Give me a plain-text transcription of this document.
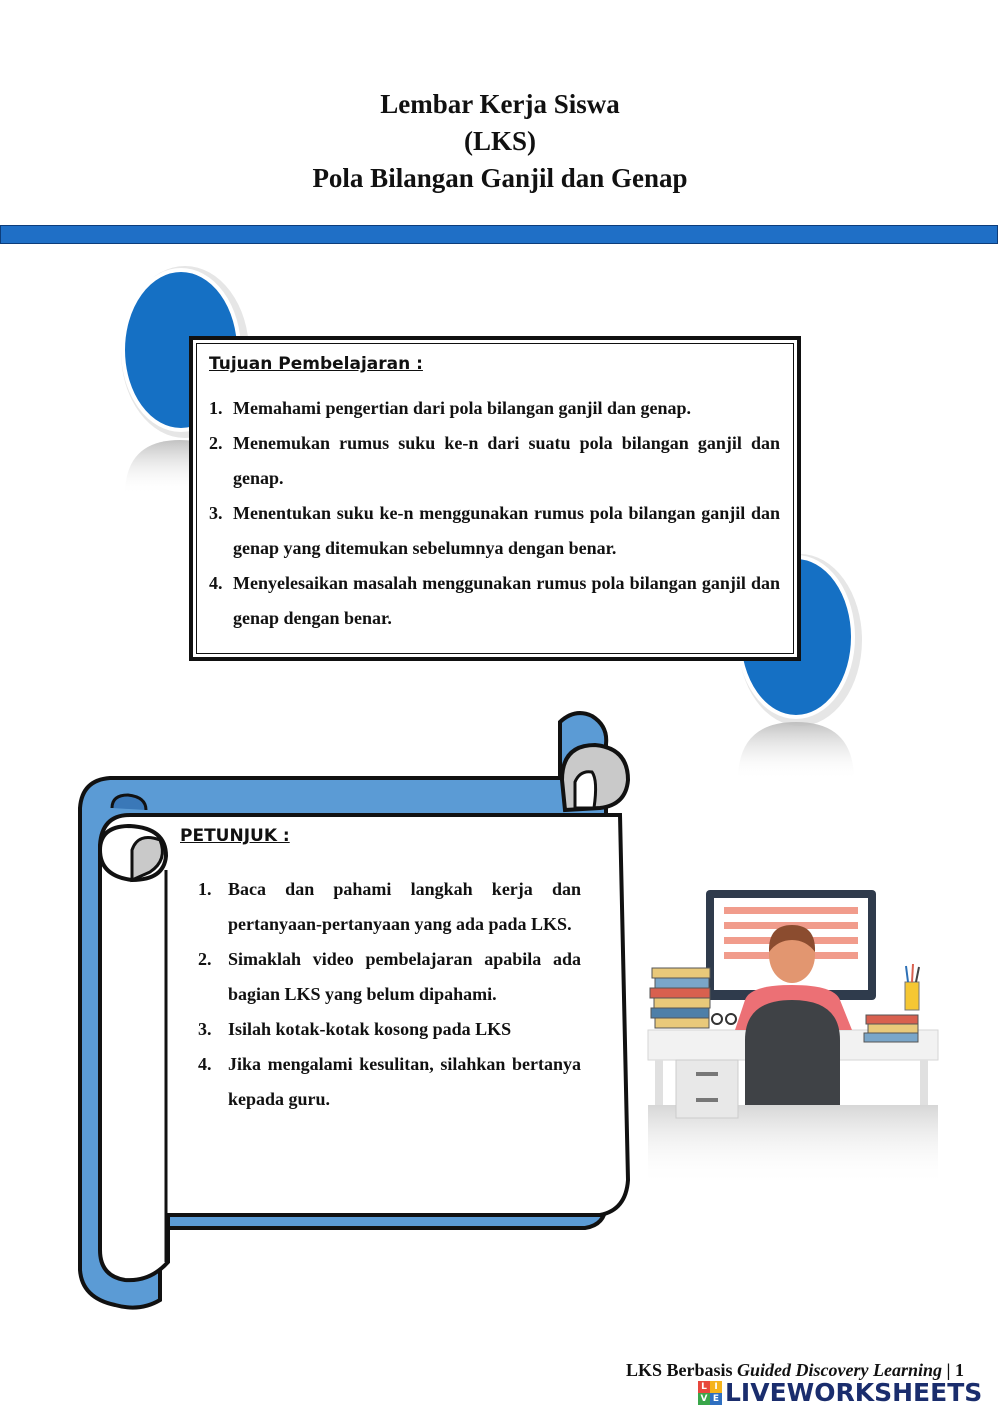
Lembar Kerja Siswa
(LKS)
Pola Bilangan Ganjil dan Genap
Tujuan Pembelajaran :
1. Memahami pengertian dari pola bilangan ganjil dan genap.
2. Menemukan rumus suku ke-n dari suatu pola bilangan ganjil dan genap.
3. Menentukan suku ke-n menggunakan rumus pola bilangan ganjil dan genap yang ditemukan sebelumnya dengan benar.
4. Menyelesaikan masalah menggunakan rumus pola bilangan ganjil dan genap dengan benar.
PETUNJUK :
1. Baca dan pahami langkah kerja dan pertanyaan-pertanyaan yang ada pada LKS.
2. Simaklah video pembelajaran apabila ada bagian LKS yang belum dipahami.
3. Isilah kotak-kotak kosong pada LKS
4. Jika mengalami kesulitan, silahkan bertanya kepada guru.
LKS Berbasis Guided Discovery Learning | 1
L I
V E LIVEWORKSHEETS
